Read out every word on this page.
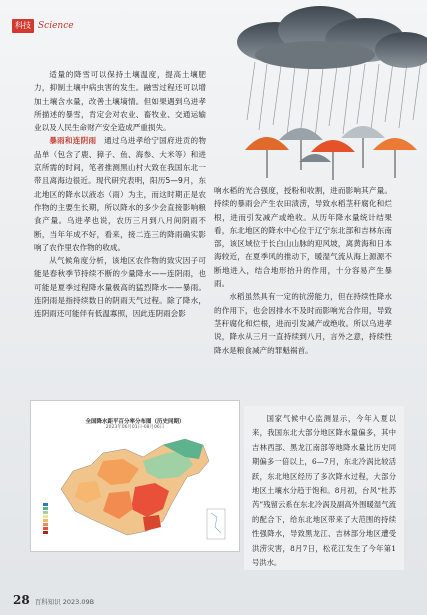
科技 Science

适量的降雪可以保持土壤温度，提高土壤肥力，抑制土壤中病虫害的发生。融雪过程还可以增加土壤含水量，改善土壤墒情。但如果遇到乌进孝所描述的暴雪，肯定会对农业、畜牧业、交通运输业以及人民生命财产安全造成严重损失。

暴雨和连阴雨　 通过乌进孝给宁国府进贡的物品单（包含了鹿、獐子、鱼、海参、大米等）和进京所需的时间，笔者推测黑山村大致在我国东北一带且离海边很近。现代研究表明，阳历5—9月，东北地区的降水以液态（雨）为主，而这时期正是农作物的主要生长期，所以降水的多少会直接影响粮食产量。乌进孝也说，农历三月到八月间阴雨不断，当年年成不好，看来，接二连三的降雨确实影响了农作里农作物的收成。

从气候角度分析，该地区农作物的致灾因子可能是春秋季节持续不断的少量降水——连阴雨，也可能是夏季过程降水量极高的猛烈降水——暴雨。连阴雨是指持续数日的阴雨天气过程。除了降水，连阴雨还可能伴有低温寡照，因此连阴雨会影

响水稻的光合强度，授粉和收割，进而影响其产量。持续的暴雨会产生农田渍涝，导致水稻茎秆腐化和烂根，进而引发减产或绝收。从历年降水量统计结果看，东北地区的降水中心位于辽宁东北部和吉林东南部，该区域位于长白山山脉的迎风坡，离黄海和日本海较近，在夏季风的推动下，暖湿气流从海上源源不断地进入，结合地形抬升的作用，十分容易产生暴雨。

水稻虽然具有一定的抗涝能力，但在持续性降水的作用下，也会因排水不及时而影响光合作用，导致茎秆腐化和烂根，进而引发减产或绝收。所以乌进孝说，降水从三月一直持续到八月，言外之意，持续性降水是粮食减产的罪魁祸首。

全国降水距平百分率分布图（历史同期）
2023年06月01日-08月06日

国家气候中心监测显示，今年入夏以来，我国东北大部分地区降水量偏多，其中吉林西部、黑龙江南部等地降水量比历史同期偏多一倍以上，6—7月，东北冷涡比较活跃，东北地区经历了多次降水过程，大部分地区土壤水分趋于饱和。8月初，台风“杜苏芮”残留云系在东北冷涡及副高外围暖湿气流的配合下，给东北地区带来了大范围的持续性强降水，导致黑龙江、吉林部分地区遭受洪涝灾害，8月7日，松花江发生了今年第1号洪水。

28 百科知识 2023.09B
